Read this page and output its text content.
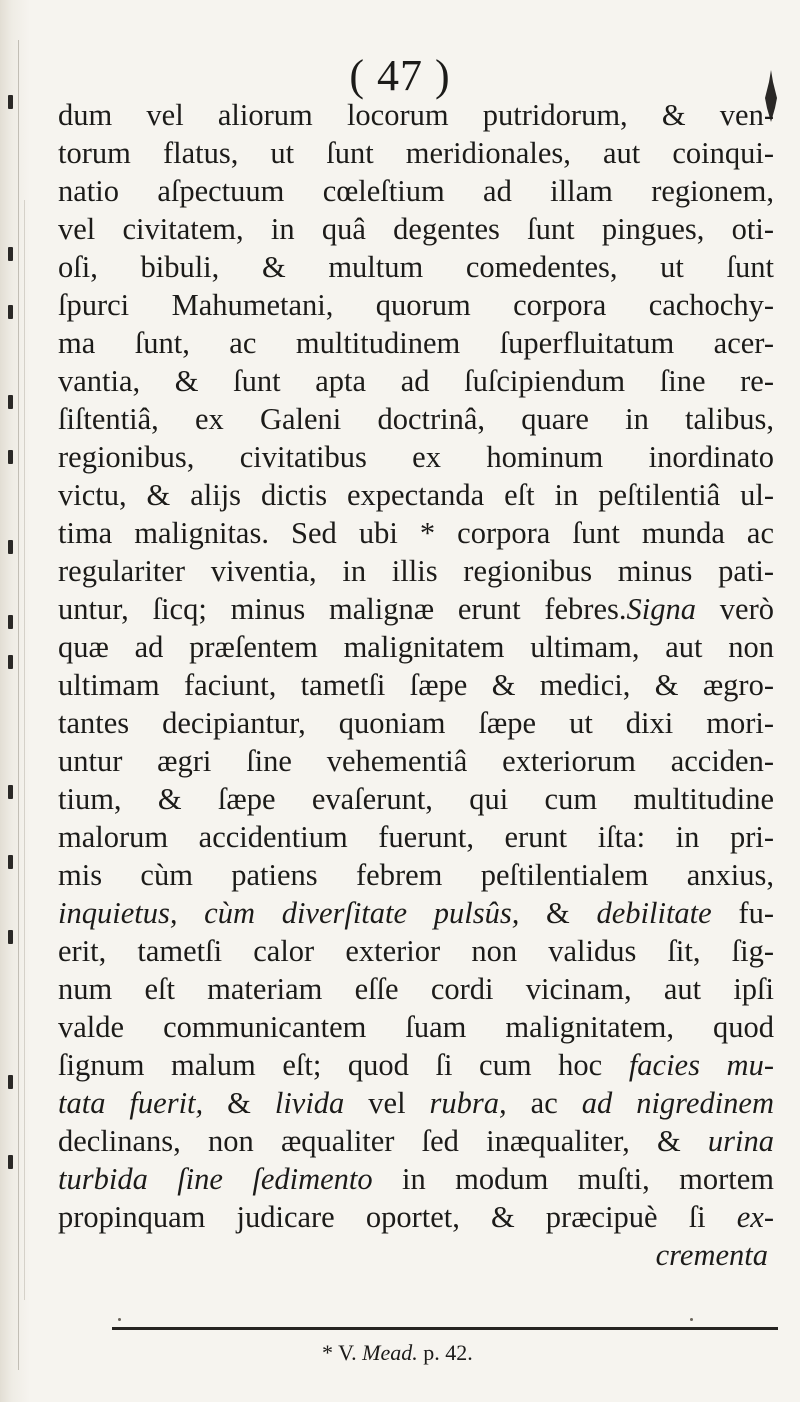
( 47 )
dum vel aliorum locorum putridorum, & ven-
torum flatus, ut ſunt meridionales, aut coinqui-
natio aſpectuum cœleſtium ad illam regionem,
vel civitatem, in quâ degentes ſunt pingues, oti-
oſi, bibuli, & multum comedentes, ut ſunt
ſpurci Mahumetani, quorum corpora cachochy-
ma ſunt, ac multitudinem ſuperfluitatum acer-
vantia, & ſunt apta ad ſuſcipiendum ſine re-
ſiſtentiâ, ex Galeni doctrinâ, quare in talibus,
regionibus, civitatibus ex hominum inordinato
victu, & aliјs dictis expectanda eſt in peſtilentiâ ul-
tima malignitas. Sed ubi * corpora ſunt munda ac
regulariter viventia, in illis regionibus minus pati-
untur, ſicq; minus malignæ erunt febres.Signa verò
quæ ad præſentem malignitatem ultimam, aut non
ultimam faciunt, tametſi ſæpe & medici, & ægro-
tantes decipiantur, quoniam ſæpe ut dixi mori-
untur ægri ſine vehementiâ exteriorum acciden-
tium, & ſæpe evaſerunt, qui cum multitudine
malorum accidentium fuerunt, erunt iſta: in pri-
mis cùm patiens febrem peſtilentialem anxius,
inquietus, cùm diverſitate pulsûs, & debilitate fu-
erit, tametſi calor exterior non validus ſit, ſig-
num eſt materiam eſſe cordi vicinam, aut ipſi
valde communicantem ſuam malignitatem, quod
ſignum malum eſt; quod ſi cum hoc facies mu-
tata fuerit, & livida vel rubra, ac ad nigredinem
declinans, non æqualiter ſed inæqualiter, & urina
turbida ſine ſedimento in modum muſti, mortem
propinquam judicare oportet, & præcipuè ſi ex-
crementa
* V. Mead. p. 42.
